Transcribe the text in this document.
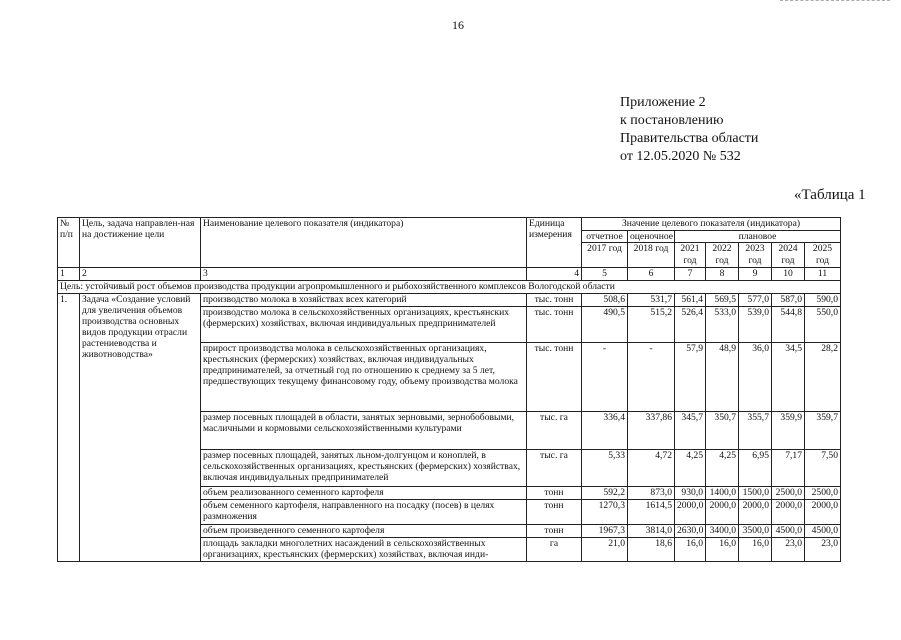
16
Приложение 2
к постановлению
Правительства области
от 12.05.2020 № 532
«Таблица 1
№ п/п	Цель, задача направлен-ная на достижение цели	Наименование целевого показателя (индикатора)	Единица измерения	Значение целевого показателя (индикатора)						
				отчетное	оценочное	плановое				
				2017 год	2018 год	2021 год	2022 год	2023 год	2024 год	2025 год
1	2	3	4	5	6	7	8	9	10	11
Цель: устойчивый рост объемов производства продукции агропромышленного и рыбохозяйственного комплексов Вологодской области										
1.	Задача «Создание условий для увеличения объемов производства основных видов продукции отрасли растениеводства и животноводства»	производство молока в хозяйствах всех категорий	тыс. тонн	508,6	531,7	561,4	569,5	577,0	587,0	590,0
		производство молока в сельскохозяйственных организациях, крестьянских (фермерских) хозяйствах, включая индивидуальных предпринимателей	тыс. тонн	490,5	515,2	526,4	533,0	539,0	544,8	550,0
		прирост производства молока в сельскохозяйственных организациях, крестьянских (фермерских) хозяйствах, включая индивидуальных предпринимателей, за отчетный год по отношению к среднему за 5 лет, предшествующих текущему финансовому году, объему производства молока	тыс. тонн	-	-	57,9	48,9	36,0	34,5	28,2
		размер посевных площадей в области, занятых зерновыми, зернобобовыми, масличными и кормовыми сельскохозяйственными культурами	тыс. га	336,4	337,86	345,7	350,7	355,7	359,9	359,7
		размер посевных площадей, занятых льном-долгунцом и коноплей, в сельскохозяйственных организациях, крестьянских (фермерских) хозяйствах, включая индивидуальных предпринимателей	тыс. га	5,33	4,72	4,25	4,25	6,95	7,17	7,50
		объем реализованного семенного картофеля	тонн	592,2	873,0	930,0	1400,0	1500,0	2500,0	2500,0
		объем семенного картофеля, направленного на посадку (посев) в целях размножения	тонн	1270,3	1614,5	2000,0	2000,0	2000,0	2000,0	2000,0
		объем произведенного семенного картофеля	тонн	1967,3	3814,0	2630,0	3400,0	3500,0	4500,0	4500,0
		площадь закладки многолетних насаждений в сельскохозяйственных организациях, крестьянских (фермерских) хозяйствах, включая инди-	га	21,0	18,6	16,0	16,0	16,0	23,0	23,0
